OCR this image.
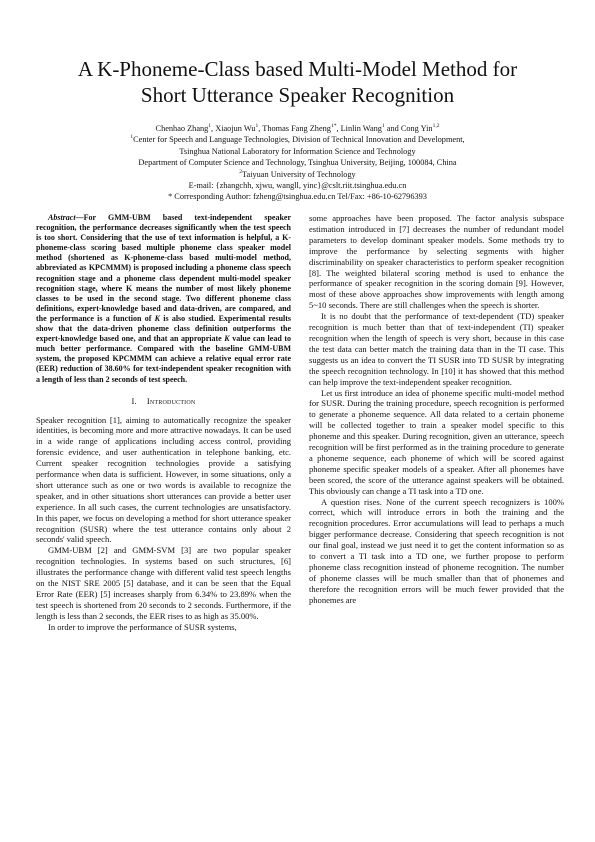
A K-Phoneme-Class based Multi-Model Method for
Short Utterance Speaker Recognition
Chenhao Zhang$^1$, Xiaojun Wu$^1$, Thomas Fang Zheng$^{1*}$, Linlin Wang$^1$ and Cong Yin$^{1,2}$
$^1$Center for Speech and Language Technologies, Division of Technical Innovation and Development,
Tsinghua National Laboratory for Information Science and Technology
Department of Computer Science and Technology, Tsinghua University, Beijing, 100084, China
$^2$Taiyuan University of Technology
E-mail: {zhangchh, xjwu, wangll, yinc}@cslt.riit.tsinghua.edu.cn
* Corresponding Author: fzheng@tsinghua.edu.cn Tel/Fax: +86-10-62796393

Abstract—For GMM-UBM based text-independent speaker recognition, the performance decreases significantly when the test speech is too short. Considering that the use of text information is helpful, a K-phoneme-class scoring based multiple phoneme class speaker model method (shortened as K-phoneme-class based multi-model method, abbreviated as KPCMMM) is proposed including a phoneme class speech recognition stage and a phoneme class dependent multi-model speaker recognition stage, where K means the number of most likely phoneme classes to be used in the second stage. Two different phoneme class definitions, expert-knowledge based and data-driven, are compared, and the performance is a function of K is also studied. Experimental results show that the data-driven phoneme class definition outperforms the expert-knowledge based one, and that an appropriate K value can lead to much better performance. Compared with the baseline GMM-UBM system, the proposed KPCMMM can achieve a relative equal error rate (EER) reduction of 38.60% for text-independent speaker recognition with a length of less than 2 seconds of test speech.

I. Introduction

Speaker recognition [1], aiming to automatically recognize the speaker identities, is becoming more and more attractive nowadays. It can be used in a wide range of applications including access control, providing forensic evidence, and user authentication in telephone banking, etc. Current speaker recognition technologies provide a satisfying performance when data is sufficient. However, in some situations, only a short utterance such as one or two words is available to recognize the speaker, and in other situations short utterances can provide a better user experience. In all such cases, the current technologies are unsatisfactory. In this paper, we focus on developing a method for short utterance speaker recognition (SUSR) where the test utterance contains only about 2 seconds' valid speech.

GMM-UBM [2] and GMM-SVM [3] are two popular speaker recognition technologies. In systems based on such structures, [6] illustrates the performance change with different valid test speech lengths on the NIST SRE 2005 [5] database, and it can be seen that the Equal Error Rate (EER) [5] increases sharply from 6.34% to 23.89% when the test speech is shortened from 20 seconds to 2 seconds. Furthermore, if the length is less than 2 seconds, the EER rises to as high as 35.00%.

In order to improve the performance of SUSR systems,

some approaches have been proposed. The factor analysis subspace estimation introduced in [7] decreases the number of redundant model parameters to develop dominant speaker models. Some methods try to improve the performance by selecting segments with higher discriminability on speaker characteristics to perform speaker recognition [8]. The weighted bilateral scoring method is used to enhance the performance of speaker recognition in the scoring domain [9]. However, most of these above approaches show improvements with length among 5~10 seconds. There are still challenges when the speech is shorter.

It is no doubt that the performance of text-dependent (TD) speaker recognition is much better than that of text-independent (TI) speaker recognition when the length of speech is very short, because in this case the test data can better match the training data than in the TI case. This suggests us an idea to convert the TI SUSR into TD SUSR by integrating the speech recognition technology. In [10] it has showed that this method can help improve the text-independent speaker recognition.

Let us first introduce an idea of phoneme specific multi-model method for SUSR. During the training procedure, speech recognition is performed to generate a phoneme sequence. All data related to a certain phoneme will be collected together to train a speaker model specific to this phoneme and this speaker. During recognition, given an utterance, speech recognition will be first performed as in the training procedure to generate a phoneme sequence, each phoneme of which will be scored against phoneme specific speaker models of a speaker. After all phonemes have been scored, the score of the utterance against speakers will be obtained. This obviously can change a TI task into a TD one.

A question rises. None of the current speech recognizers is 100% correct, which will introduce errors in both the training and the recognition procedures. Error accumulations will lead to perhaps a much bigger performance decrease. Considering that speech recognition is not our final goal, instead we just need it to get the content information so as to convert a TI task into a TD one, we further propose to perform phoneme class recognition instead of phoneme recognition. The number of phoneme classes will be much smaller than that of phonemes and therefore the recognition errors will be much fewer provided that the phonemes are
